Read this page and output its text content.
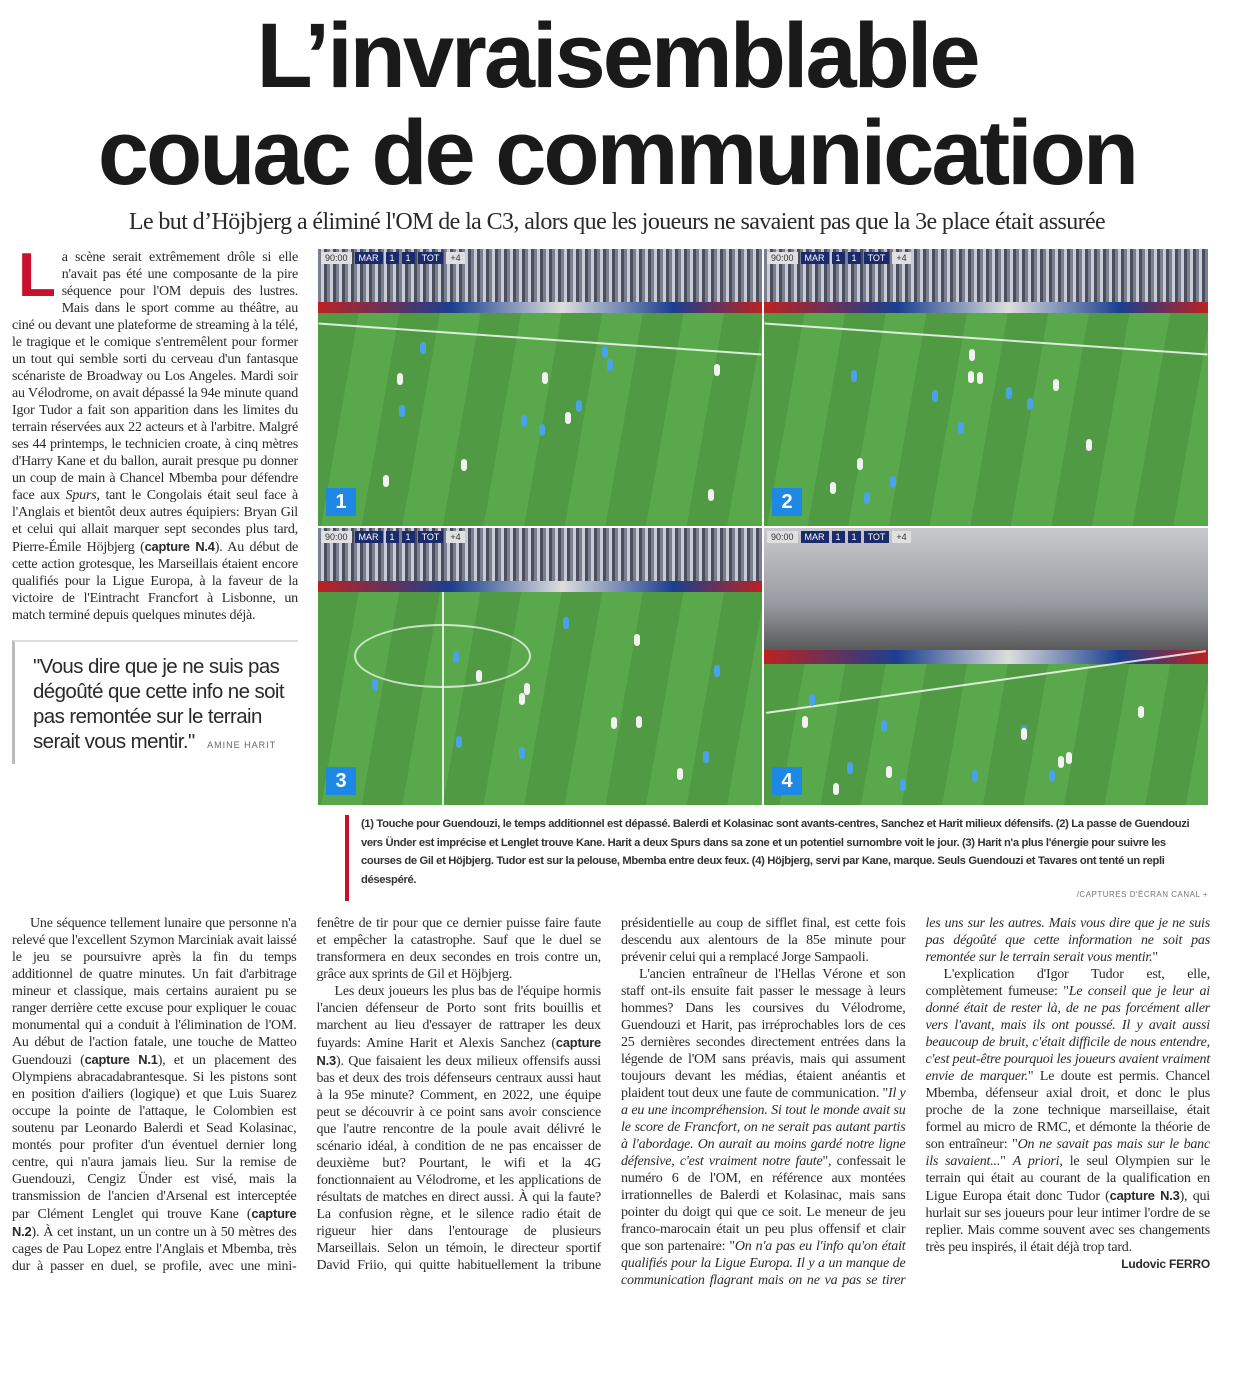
L’invraisemblable
couac de communication
Le but d’Höjbjerg a éliminé l'OM de la C3, alors que les joueurs ne savaient pas que la 3e place était assurée
L a scène serait extrêmement drôle si elle n'avait pas été une composante de la pire séquence pour l'OM depuis des lustres. Mais dans le sport comme au théâtre, au ciné ou devant une plateforme de streaming à la télé, le tragique et le comique s'entremêlent pour former un tout qui semble sorti du cerveau d'un fantasque scénariste de Broadway ou Los Angeles. Mardi soir au Vélodrome, on avait dépassé la 94e minute quand Igor Tudor a fait son apparition dans les limites du terrain réservées aux 22 acteurs et à l'arbitre. Malgré ses 44 printemps, le technicien croate, à cinq mètres d'Harry Kane et du ballon, aurait presque pu donner un coup de main à Chancel Mbemba pour défendre face aux Spurs, tant le Congolais était seul face à l'Anglais et bientôt deux autres équipiers: Bryan Gil et celui qui allait marquer sept secondes plus tard, Pierre-Émile Höjbjerg (capture N.4). Au début de cette action grotesque, les Marseillais étaient encore qualifiés pour la Ligue Europa, à la faveur de la victoire de l'Eintracht Francfort à Lisbonne, un match terminé depuis quelques minutes déjà.
"Vous dire que je ne suis pas dégoûté que cette info ne soit pas remontée sur le terrain serait vous mentir." AMINE HARIT
90:00	MAR	1	1	TOT	+4
1
90:00	MAR	1	1	TOT	+4
2
90:00	MAR	1	1	TOT	+4
3
90:00	MAR	1	1	TOT	+4
4
(1) Touche pour Guendouzi, le temps additionnel est dépassé. Balerdi et Kolasinac sont avants-centres, Sanchez et Harit milieux défensifs. (2) La passe de Guendouzi vers Ünder est imprécise et Lenglet trouve Kane. Harit a deux Spurs dans sa zone et un potentiel surnombre voit le jour. (3) Harit n'a plus l'énergie pour suivre les courses de Gil et Höjbjerg. Tudor est sur la pelouse, Mbemba entre deux feux. (4) Höjbjerg, servi par Kane, marque. Seuls Guendouzi et Tavares ont tenté un repli désespéré.
/CAPTURES D'ÉCRAN CANAL +

Une séquence tellement lunaire que personne n'a relevé que l'excellent Szymon Marciniak avait laissé le jeu se poursuivre après la fin du temps additionnel de quatre minutes. Un fait d'arbitrage mineur et classique, mais certains auraient pu se ranger derrière cette excuse pour expliquer le couac monumental qui a conduit à l'élimination de l'OM. Au début de l'action fatale, une touche de Matteo Guendouzi (capture N.1), et un placement des Olympiens abracadabrantesque. Si les pistons sont en position d'ailiers (logique) et que Luis Suarez occupe la pointe de l'attaque, le Colombien est soutenu par Leonardo Balerdi et Sead Kolasinac, montés pour profiter d'un éventuel dernier long centre, qui n'aura jamais lieu. Sur la remise de Guendouzi, Cengiz Ünder est visé, mais la transmission de l'ancien d'Arsenal est interceptée par Clément Lenglet qui trouve Kane (capture N.2). À cet instant, un un contre un à 50 mètres des cages de Pau Lopez entre l'Anglais et Mbemba, très dur à passer en duel, se profile, avec une mini-fenêtre de tir pour que ce dernier puisse faire faute et empêcher la catastrophe. Sauf que le duel se transformera en deux secondes en trois contre un, grâce aux sprints de Gil et Höjbjerg.

Les deux joueurs les plus bas de l'équipe hormis l'ancien défenseur de Porto sont frits bouillis et marchent au lieu d'essayer de rattraper les deux fuyards: Amine Harit et Alexis Sanchez (capture N.3). Que faisaient les deux milieux offensifs aussi bas et deux des trois défenseurs centraux aussi haut à la 95e minute? Comment, en 2022, une équipe peut se découvrir à ce point sans avoir conscience que l'autre rencontre de la poule avait délivré le scénario idéal, à condition de ne pas encaisser de deuxième but? Pourtant, le wifi et la 4G fonctionnaient au Vélodrome, et les applications de résultats de matches en direct aussi. À qui la faute? La confusion règne, et le silence radio était de rigueur hier dans l'entourage de plusieurs Marseillais. Selon un témoin, le directeur sportif David Friio, qui quitte habituellement la tribune présidentielle au coup de sifflet final, est cette fois descendu aux alentours de la 85e minute pour prévenir celui qui a remplacé Jorge Sampaoli.

L'ancien entraîneur de l'Hellas Vérone et son staff ont-ils ensuite fait passer le message à leurs hommes? Dans les coursives du Vélodrome, Guendouzi et Harit, pas irréprochables lors de ces 25 dernières secondes directement entrées dans la légende de l'OM sans préavis, mais qui assument toujours devant les médias, étaient anéantis et plaident tout deux une faute de communication. "Il y a eu une incompréhension. Si tout le monde avait su le score de Francfort, on ne serait pas autant partis à l'abordage. On aurait au moins gardé notre ligne défensive, c'est vraiment notre faute", confessait le numéro 6 de l'OM, en référence aux montées irrationnelles de Balerdi et Kolasinac, mais sans pointer du doigt qui que ce soit. Le meneur de jeu franco-marocain était un peu plus offensif et clair que son partenaire: "On n'a pas eu l'info qu'on était qualifiés pour la Ligue Europa. Il y a un manque de communication flagrant mais on ne va pas se tirer les uns sur les autres. Mais vous dire que je ne suis pas dégoûté que cette information ne soit pas remontée sur le terrain serait vous mentir."

L'explication d'Igor Tudor est, elle, complètement fumeuse: "Le conseil que je leur ai donné était de rester là, de ne pas forcément aller vers l'avant, mais ils ont poussé. Il y avait aussi beaucoup de bruit, c'était difficile de nous entendre, c'est peut-être pourquoi les joueurs avaient vraiment envie de marquer." Le doute est permis. Chancel Mbemba, défenseur axial droit, et donc le plus proche de la zone technique marseillaise, était formel au micro de RMC, et démonte la théorie de son entraîneur: "On ne savait pas mais sur le banc ils savaient..." A priori, le seul Olympien sur le terrain qui était au courant de la qualification en Ligue Europa était donc Tudor (capture N.3), qui hurlait sur ses joueurs pour leur intimer l'ordre de se replier. Mais comme souvent avec ses changements très peu inspirés, il était déjà trop tard.

Ludovic FERRO
